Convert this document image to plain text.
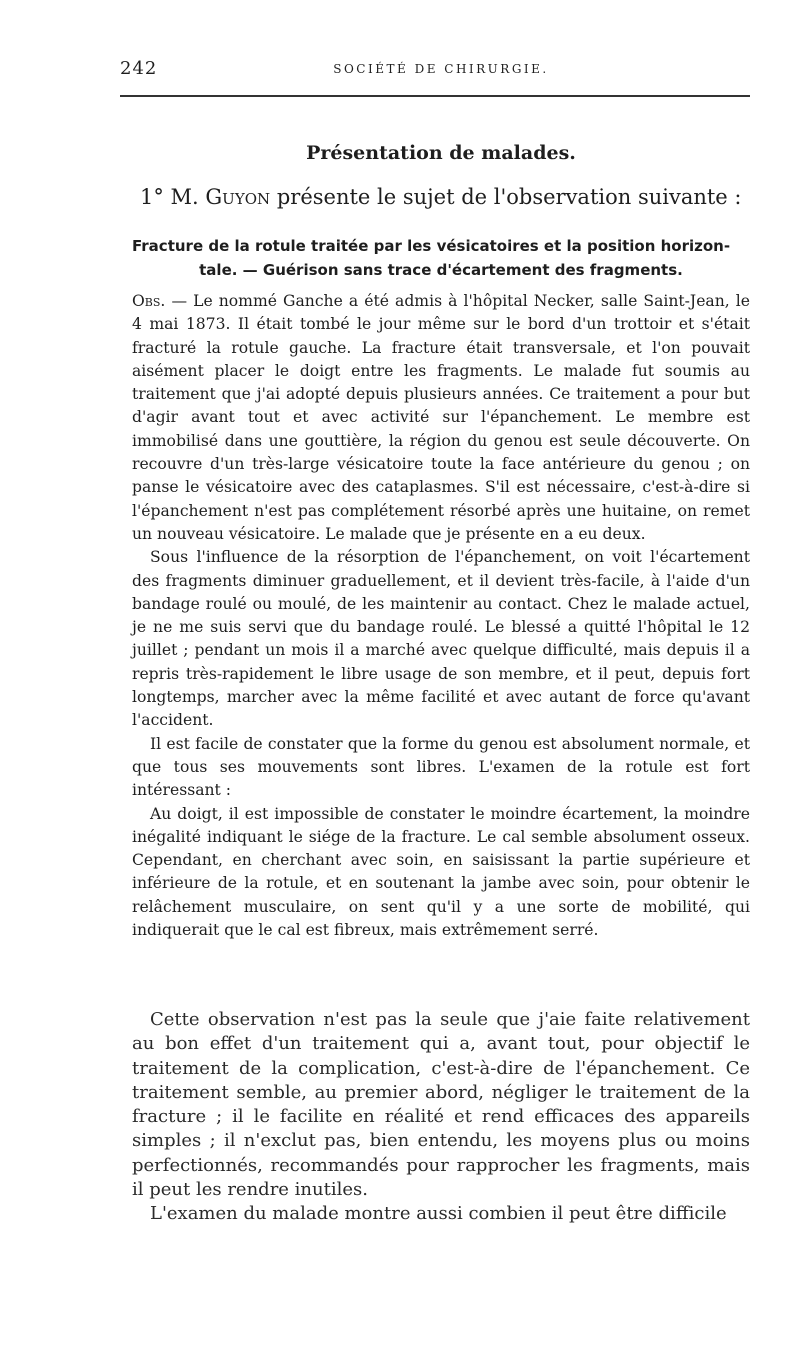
242	SOCIÉTÉ DE CHIRURGIE.
Présentation de malades.
1° M. Guyon présente le sujet de l'observation suivante :
Fracture de la rotule traitée par les vésicatoires et la position horizon-
tale. — Guérison sans trace d'écartement des fragments.

Obs. — Le nommé Ganche a été admis à l'hôpital Necker, salle Saint-Jean, le 4 mai 1873. Il était tombé le jour même sur le bord d'un trottoir et s'était fracturé la rotule gauche. La fracture était transversale, et l'on pouvait aisément placer le doigt entre les fragments. Le malade fut soumis au traitement que j'ai adopté depuis plusieurs années. Ce traitement a pour but d'agir avant tout et avec activité sur l'épanchement. Le membre est immobilisé dans une gouttière, la région du genou est seule découverte. On recouvre d'un très-large vésicatoire toute la face antérieure du genou ; on panse le vésicatoire avec des cataplasmes. S'il est nécessaire, c'est-à-dire si l'épanchement n'est pas complétement résorbé après une huitaine, on remet un nouveau vésicatoire. Le malade que je présente en a eu deux.

Sous l'influence de la résorption de l'épanchement, on voit l'écartement des fragments diminuer graduellement, et il devient très-facile, à l'aide d'un bandage roulé ou moulé, de les maintenir au contact. Chez le malade actuel, je ne me suis servi que du bandage roulé. Le blessé a quitté l'hôpital le 12 juillet ; pendant un mois il a marché avec quelque difficulté, mais depuis il a repris très-rapidement le libre usage de son membre, et il peut, depuis fort longtemps, marcher avec la même facilité et avec autant de force qu'avant l'accident.

Il est facile de constater que la forme du genou est absolument normale, et que tous ses mouvements sont libres. L'examen de la rotule est fort intéressant :

Au doigt, il est impossible de constater le moindre écartement, la moindre inégalité indiquant le siége de la fracture. Le cal semble absolument osseux. Cependant, en cherchant avec soin, en saisissant la partie supérieure et inférieure de la rotule, et en soutenant la jambe avec soin, pour obtenir le relâchement musculaire, on sent qu'il y a une sorte de mobilité, qui indiquerait que le cal est fibreux, mais extrêmement serré.

Cette observation n'est pas la seule que j'aie faite relativement au bon effet d'un traitement qui a, avant tout, pour objectif le traitement de la complication, c'est-à-dire de l'épanchement. Ce traitement semble, au premier abord, négliger le traitement de la fracture ; il le facilite en réalité et rend efficaces des appareils simples ; il n'exclut pas, bien entendu, les moyens plus ou moins perfectionnés, recommandés pour rapprocher les fragments, mais il peut les rendre inutiles.

L'examen du malade montre aussi combien il peut être difficile
